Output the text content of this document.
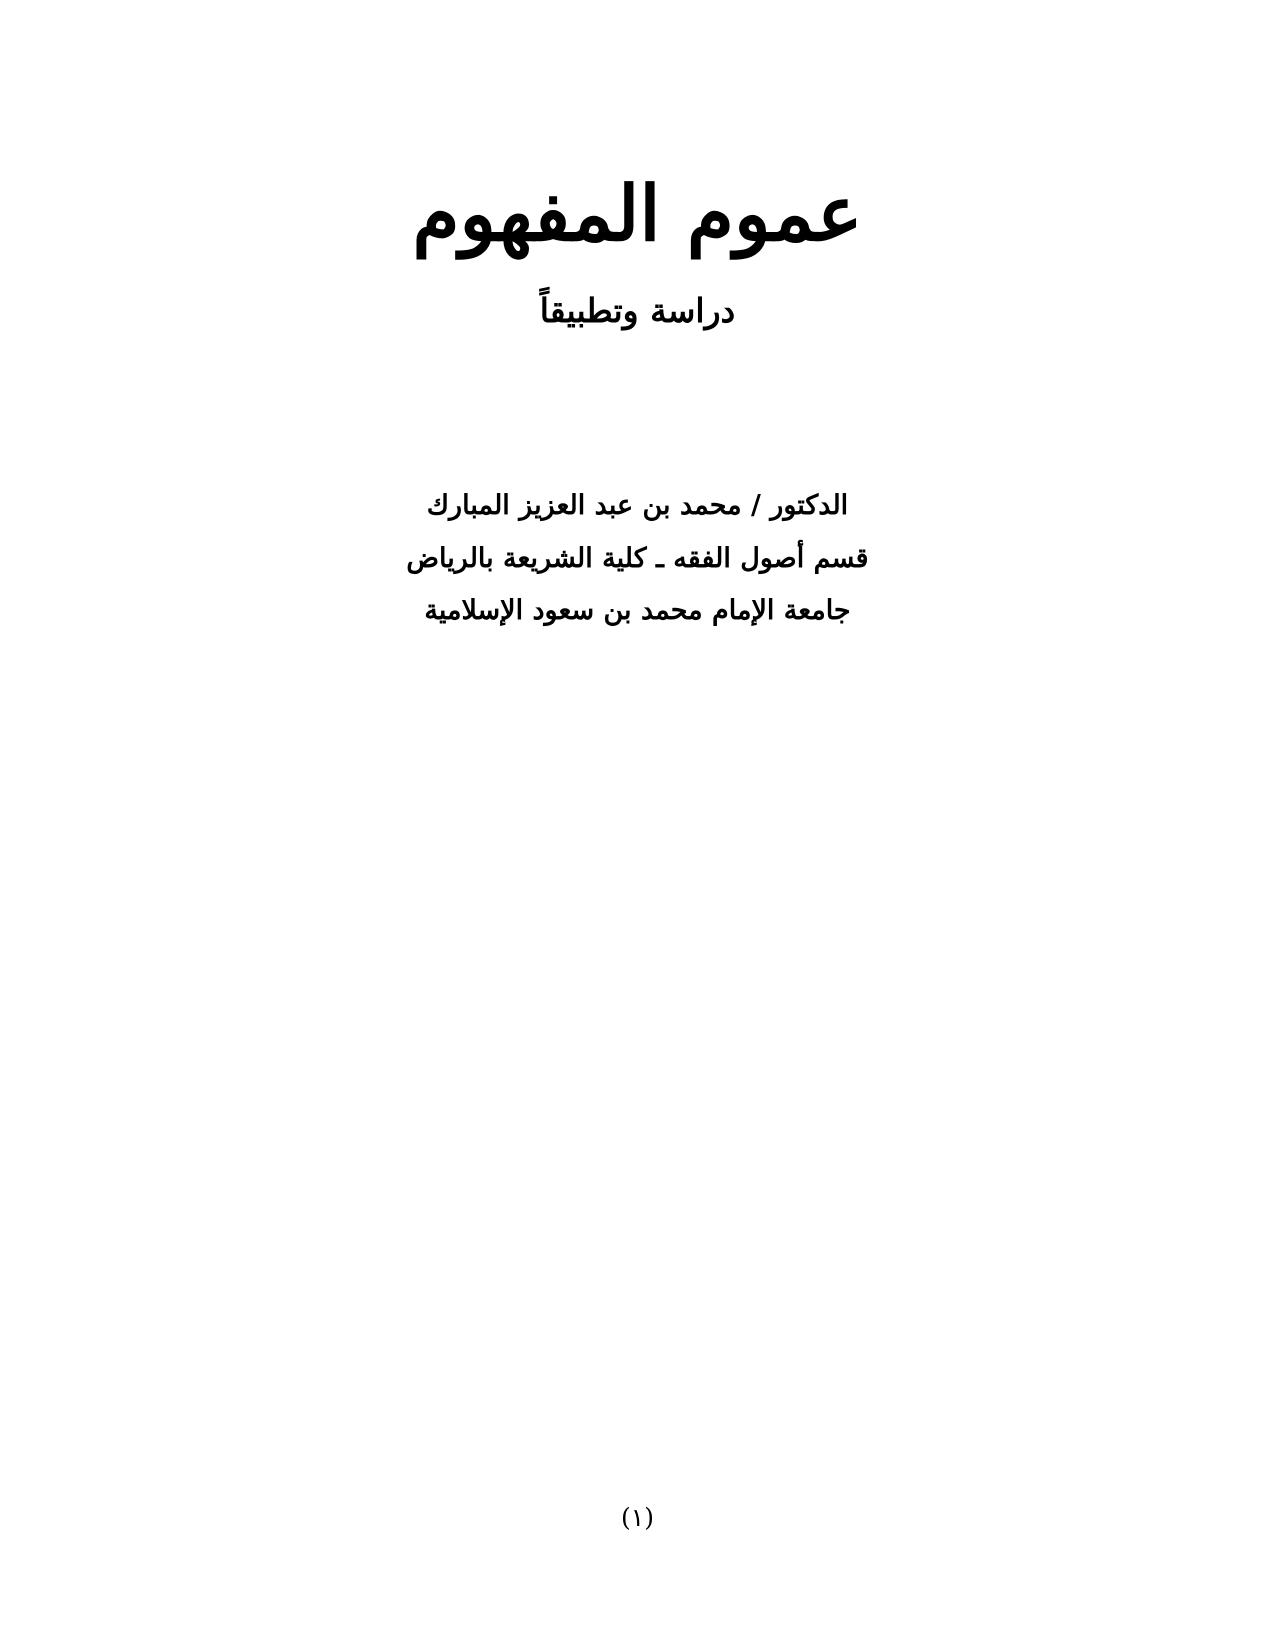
عموم المفهوم

دراسة وتطبيقاً

الدكتور / محمد بن عبد العزيز المبارك

قسم أصول الفقه ـ كلية الشريعة بالرياض

جامعة الإمام محمد بن سعود الإسلامية

(١)
